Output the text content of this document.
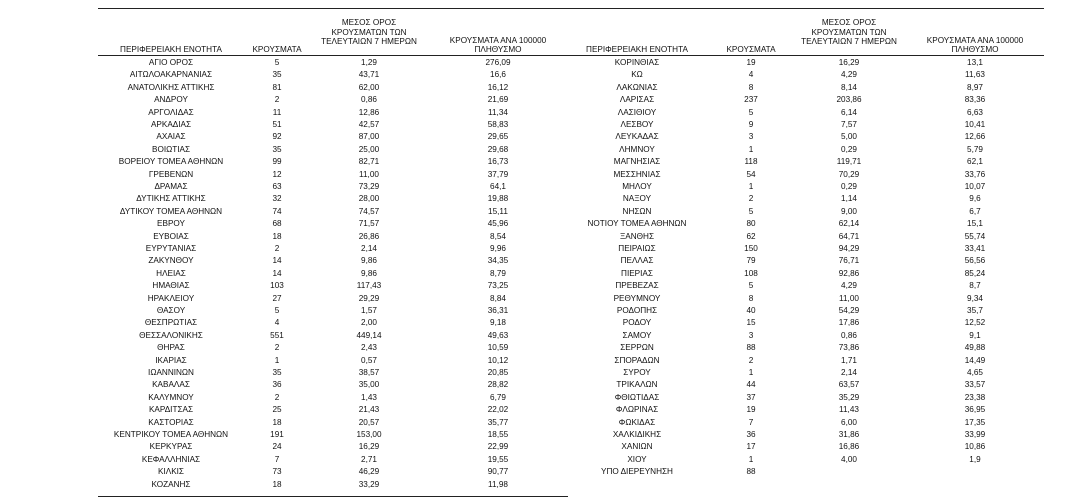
ΠΕΡΙΦΕΡΕΙΑΚΗ ΕΝΟΤΗΤΑ	ΚΡΟΥΣΜΑΤΑ
ΜΕΣΟΣ ΟΡΟΣ
ΚΡΟΥΣΜΑΤΩΝ ΤΩΝ
ΤΕΛΕΥΤΑΙΩΝ 7 ΗΜΕΡΩΝ	ΚΡΟΥΣΜΑΤΑ ΑΝΑ 100000
ΠΛΗΘΥΣΜΟ	ΠΕΡΙΦΕΡΕΙΑΚΗ ΕΝΟΤΗΤΑ	ΚΡΟΥΣΜΑΤΑ
ΜΕΣΟΣ ΟΡΟΣ
ΚΡΟΥΣΜΑΤΩΝ ΤΩΝ
ΤΕΛΕΥΤΑΙΩΝ 7 ΗΜΕΡΩΝ	ΚΡΟΥΣΜΑΤΑ ΑΝΑ 100000
ΠΛΗΘΥΣΜΟ
ΑΓΙΟ ΟΡΟΣ	5	1,29	276,09
ΑΙΤΩΛΟΑΚΑΡΝΑΝΙΑΣ	35	43,71	16,6
ΑΝΑΤΟΛΙΚΗΣ ΑΤΤΙΚΗΣ	81	62,00	16,12
ΑΝΔΡΟΥ	2	0,86	21,69
ΑΡΓΟΛΙΔΑΣ	11	12,86	11,34
ΑΡΚΑΔΙΑΣ	51	42,57	58,83
ΑΧΑΙΑΣ	92	87,00	29,65
ΒΟΙΩΤΙΑΣ	35	25,00	29,68
ΒΟΡΕΙΟΥ ΤΟΜΕΑ ΑΘΗΝΩΝ	99	82,71	16,73
ΓΡΕΒΕΝΩΝ	12	11,00	37,79
ΔΡΑΜΑΣ	63	73,29	64,1
ΔΥΤΙΚΗΣ ΑΤΤΙΚΗΣ	32	28,00	19,88
ΔΥΤΙΚΟΥ ΤΟΜΕΑ ΑΘΗΝΩΝ	74	74,57	15,11
ΕΒΡΟΥ	68	71,57	45,96
ΕΥΒΟΙΑΣ	18	26,86	8,54
ΕΥΡΥΤΑΝΙΑΣ	2	2,14	9,96
ΖΑΚΥΝΘΟΥ	14	9,86	34,35
ΗΛΕΙΑΣ	14	9,86	8,79
ΗΜΑΘΙΑΣ	103	117,43	73,25
ΗΡΑΚΛΕΙΟΥ	27	29,29	8,84
ΘΑΣΟΥ	5	1,57	36,31
ΘΕΣΠΡΩΤΙΑΣ	4	2,00	9,18
ΘΕΣΣΑΛΟΝΙΚΗΣ	551	449,14	49,63
ΘΗΡΑΣ	2	2,43	10,59
ΙΚΑΡΙΑΣ	1	0,57	10,12
ΙΩΑΝΝΙΝΩΝ	35	38,57	20,85
ΚΑΒΑΛΑΣ	36	35,00	28,82
ΚΑΛΥΜΝΟΥ	2	1,43	6,79
ΚΑΡΔΙΤΣΑΣ	25	21,43	22,02
ΚΑΣΤΟΡΙΑΣ	18	20,57	35,77
ΚΕΝΤΡΙΚΟΥ ΤΟΜΕΑ ΑΘΗΝΩΝ	191	153,00	18,55
ΚΕΡΚΥΡΑΣ	24	16,29	22,99
ΚΕΦΑΛΛΗΝΙΑΣ	7	2,71	19,55
ΚΙΛΚΙΣ	73	46,29	90,77
ΚΟΖΑΝΗΣ	18	33,29	11,98
ΚΟΡΙΝΘΙΑΣ	19	16,29	13,1
ΚΩ	4	4,29	11,63
ΛΑΚΩΝΙΑΣ	8	8,14	8,97
ΛΑΡΙΣΑΣ	237	203,86	83,36
ΛΑΣΙΘΙΟΥ	5	6,14	6,63
ΛΕΣΒΟΥ	9	7,57	10,41
ΛΕΥΚΑΔΑΣ	3	5,00	12,66
ΛΗΜΝΟΥ	1	0,29	5,79
ΜΑΓΝΗΣΙΑΣ	118	119,71	62,1
ΜΕΣΣΗΝΙΑΣ	54	70,29	33,76
ΜΗΛΟΥ	1	0,29	10,07
ΝΑΞΟΥ	2	1,14	9,6
ΝΗΣΩΝ	5	9,00	6,7
ΝΟΤΙΟΥ ΤΟΜΕΑ ΑΘΗΝΩΝ	80	62,14	15,1
ΞΑΝΘΗΣ	62	64,71	55,74
ΠΕΙΡΑΙΩΣ	150	94,29	33,41
ΠΕΛΛΑΣ	79	76,71	56,56
ΠΙΕΡΙΑΣ	108	92,86	85,24
ΠΡΕΒΕΖΑΣ	5	4,29	8,7
ΡΕΘΥΜΝΟΥ	8	11,00	9,34
ΡΟΔΟΠΗΣ	40	54,29	35,7
ΡΟΔΟΥ	15	17,86	12,52
ΣΑΜΟΥ	3	0,86	9,1
ΣΕΡΡΩΝ	88	73,86	49,88
ΣΠΟΡΑΔΩΝ	2	1,71	14,49
ΣΥΡΟΥ	1	2,14	4,65
ΤΡΙΚΑΛΩΝ	44	63,57	33,57
ΦΘΙΩΤΙΔΑΣ	37	35,29	23,38
ΦΛΩΡΙΝΑΣ	19	11,43	36,95
ΦΩΚΙΔΑΣ	7	6,00	17,35
ΧΑΛΚΙΔΙΚΗΣ	36	31,86	33,99
ΧΑΝΙΩΝ	17	16,86	10,86
ΧΙΟΥ	1	4,00	1,9
ΥΠΟ ΔΙΕΡΕΥΝΗΣΗ	88
